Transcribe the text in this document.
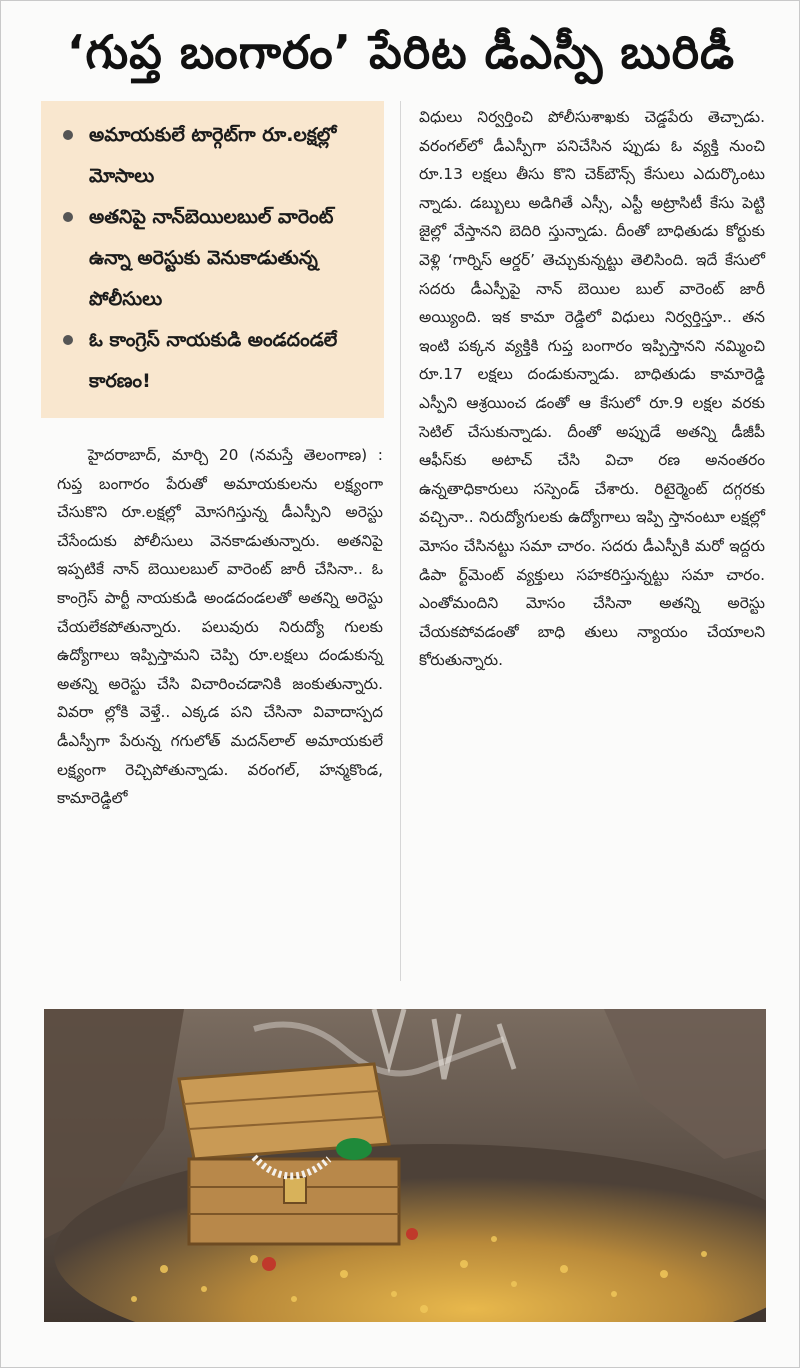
‘గుప్త బంగారం’ పేరిట డీఎస్పీ బురిడీ
అమాయకులే టార్గెట్‌గా రూ.లక్షల్లో మోసాలు
అతనిపై నాన్‌బెయిలబుల్ వారెంట్ ఉన్నా అరెస్టుకు వెనుకాడుతున్న పోలీసులు
ఓ కాంగ్రెస్ నాయకుడి అండదండలే కారణం!
హైదరాబాద్, మార్చి 20 (నమస్తే తెలంగాణ) : గుప్త బంగారం పేరుతో అమాయకులను లక్ష్యంగా చేసుకొని రూ.లక్షల్లో మోసగిస్తున్న డీఎస్పీని అరెస్టు చేసేందుకు పోలీసులు వెనకాడుతున్నారు. అతనిపై ఇప్పటికే నాన్ బెయిలబుల్ వారెంట్ జారీ చేసినా.. ఓ కాంగ్రెస్ పార్టీ నాయకుడి అండదండలతో అతన్ని అరెస్టు చేయలేకపోతున్నారు. పలువురు నిరుద్యో గులకు ఉద్యోగాలు ఇప్పిస్తామని చెప్పి రూ.లక్షలు దండుకున్న అతన్ని అరెస్టు చేసి విచారించడానికి జంకుతున్నారు. వివరా ల్లోకి వెళ్తే.. ఎక్కడ పని చేసినా వివాదాస్పద డీఎస్పీగా పేరున్న గగులోత్ మదన్‌లాల్ అమాయకులే లక్ష్యంగా రెచ్చిపోతున్నాడు. వరంగల్, హన్మకొండ, కామారెడ్డిలో
విధులు నిర్వర్తించి పోలీసుశాఖకు చెడ్డపేరు తెచ్చాడు. వరంగల్‌లో డీఎస్పీగా పనిచేసిన ప్పుడు ఓ వ్యక్తి నుంచి రూ.13 లక్షలు తీసు కొని చెక్‌బౌన్స్ కేసులు ఎదుర్కొంటు న్నాడు. డబ్బులు అడిగితే ఎస్సీ, ఎస్టీ అట్రాసిటీ కేసు పెట్టి జైల్లో వేస్తానని బెదిరి స్తున్నాడు. దీంతో బాధితుడు కోర్టుకు వెళ్లి ‘గార్నిస్ ఆర్డర్’ తెచ్చుకున్నట్టు తెలిసింది. ఇదే కేసులో సదరు డీఎస్పీపై నాన్ బెయిల బుల్ వారెంట్ జారీ అయ్యింది. ఇక కామా రెడ్డిలో విధులు నిర్వర్తిస్తూ.. తన ఇంటి పక్కన వ్యక్తికి గుప్త బంగారం ఇప్పిస్తానని నమ్మించి రూ.17 లక్షలు దండుకున్నాడు. బాధితుడు కామారెడ్డి ఎస్పీని ఆశ్రయించ డంతో ఆ కేసులో రూ.9 లక్షల వరకు సెటిల్ చేసుకున్నాడు. దీంతో అప్పుడే అతన్ని డీజీపీ ఆఫీస్‌కు అటాచ్ చేసి విచా రణ అనంతరం ఉన్నతాధికారులు సస్పెండ్ చేశారు. రిటైర్మెంట్ దగ్గరకు వచ్చినా.. నిరుద్యోగులకు ఉద్యోగాలు ఇప్పి స్తానంటూ లక్షల్లో మోసం చేసినట్టు సమా చారం. సదరు డీఎస్పీకి మరో ఇద్దరు డిపా ర్ట్‌మెంట్ వ్యక్తులు సహకరిస్తున్నట్టు సమా చారం. ఎంతోమందిని మోసం చేసినా అతన్ని అరెస్టు చేయకపోవడంతో బాధి తులు న్యాయం చేయాలని కోరుతున్నారు.
